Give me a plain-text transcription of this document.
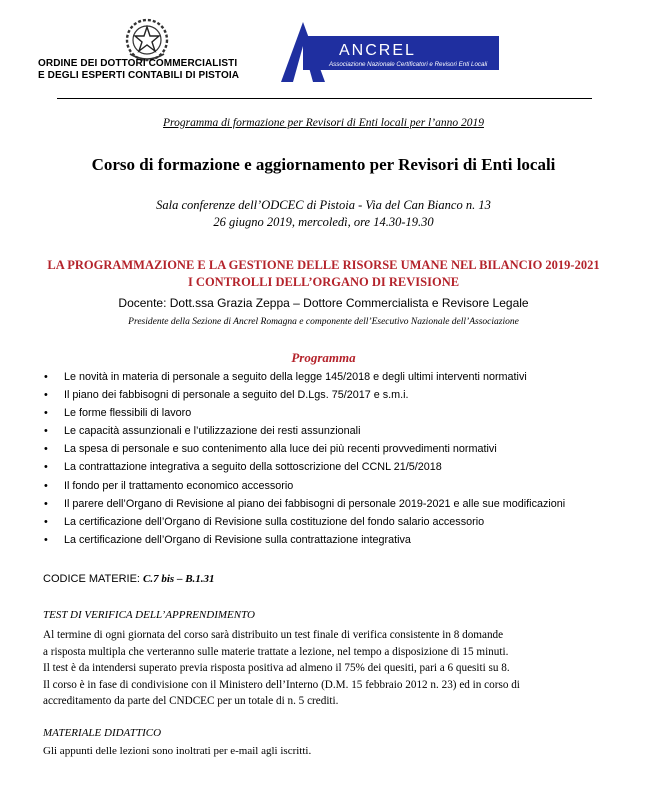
ORDINE DEI DOTTORI COMMERCIALISTI
E DEGLI ESPERTI CONTABILI DI PISTOIA
ANCREL
Associazione Nazionale Certificatori e Revisori Enti Locali
Programma di formazione per Revisori di Enti locali per l’anno 2019
Corso di formazione e aggiornamento per Revisori di Enti locali
Sala conferenze dell’ODCEC di Pistoia - Via del Can Bianco n. 13
26 giugno 2019, mercoledì, ore 14.30-19.30
LA PROGRAMMAZIONE E LA GESTIONE DELLE RISORSE UMANE NEL BILANCIO 2019-2021
I CONTROLLI DELL’ORGANO DI REVISIONE
Docente: Dott.ssa Grazia Zeppa – Dottore Commercialista e Revisore Legale
Presidente della Sezione di Ancrel Romagna e componente dell’Esecutivo Nazionale dell’Associazione
Programma
• Le novità in materia di personale a seguito della legge 145/2018 e degli ultimi interventi normativi
• Il piano dei fabbisogni di personale a seguito del D.Lgs. 75/2017 e s.m.i.
• Le forme flessibili di lavoro
• Le capacità assunzionali e l’utilizzazione dei resti assunzionali
• La spesa di personale e suo contenimento alla luce dei più recenti provvedimenti normativi
• La contrattazione integrativa a seguito della sottoscrizione del CCNL 21/5/2018
• Il fondo per il trattamento economico accessorio
• Il parere dell’Organo di Revisione al piano dei fabbisogni di personale 2019-2021 e alle sue modificazioni
• La certificazione dell’Organo di Revisione sulla costituzione del fondo salario accessorio
• La certificazione dell’Organo di Revisione sulla contrattazione integrativa
CODICE MATERIE: C.7 bis – B.1.31
TEST DI VERIFICA DELL’APPRENDIMENTO

Al termine di ogni giornata del corso sarà distribuito un test finale di verifica consistente in 8 domande

a risposta multipla che verteranno sulle materie trattate a lezione, nel tempo a disposizione di 15 minuti.

Il test è da intendersi superato previa risposta positiva ad almeno il 75% dei quesiti, pari a 6 quesiti su 8.

Il corso è in fase di condivisione con il Ministero dell’Interno (D.M. 15 febbraio 2012 n. 23) ed in corso di

accreditamento da parte del CNDCEC per un totale di n. 5 crediti.

MATERIALE DIDATTICO
Gli appunti delle lezioni sono inoltrati per e-mail agli iscritti.
